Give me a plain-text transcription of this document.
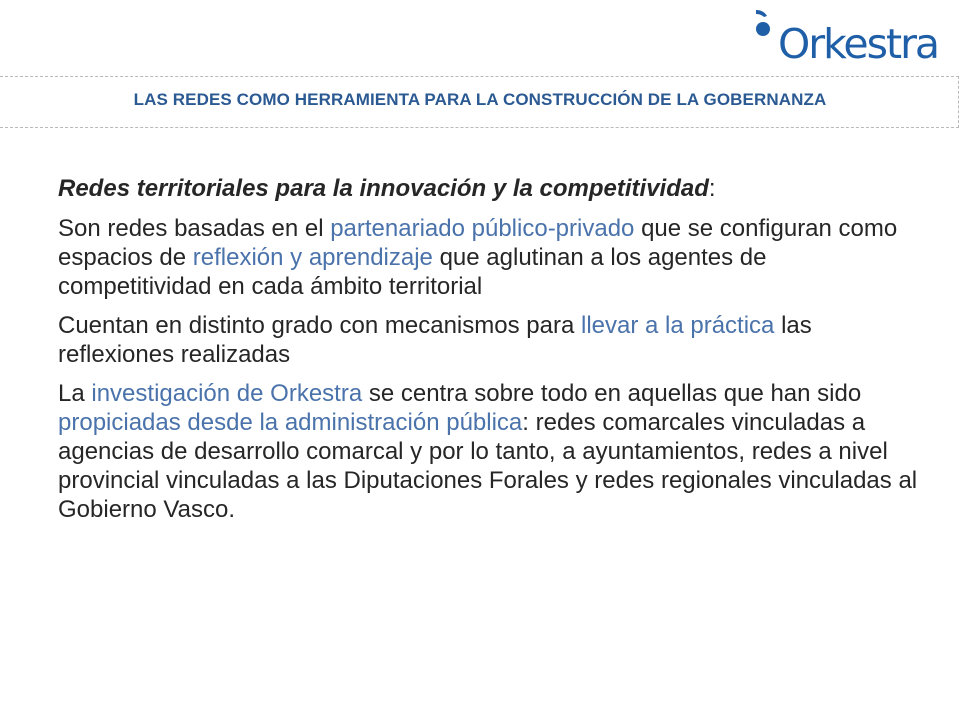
Orkestra
LAS REDES COMO HERRAMIENTA PARA LA CONSTRUCCIÓN DE LA GOBERNANZA
Redes territoriales para la innovación y la competitividad:

Son redes basadas en el partenariado público-privado que se configuran como espacios de reflexión y aprendizaje que aglutinan a los agentes de competitividad en cada ámbito territorial

Cuentan en distinto grado con mecanismos para llevar a la práctica las reflexiones realizadas

La investigación de Orkestra se centra sobre todo en aquellas que han sido propiciadas desde la administración pública: redes comarcales vinculadas a agencias de desarrollo comarcal y por lo tanto, a ayuntamientos, redes a nivel provincial vinculadas a las Diputaciones Forales y redes regionales vinculadas al Gobierno Vasco.
